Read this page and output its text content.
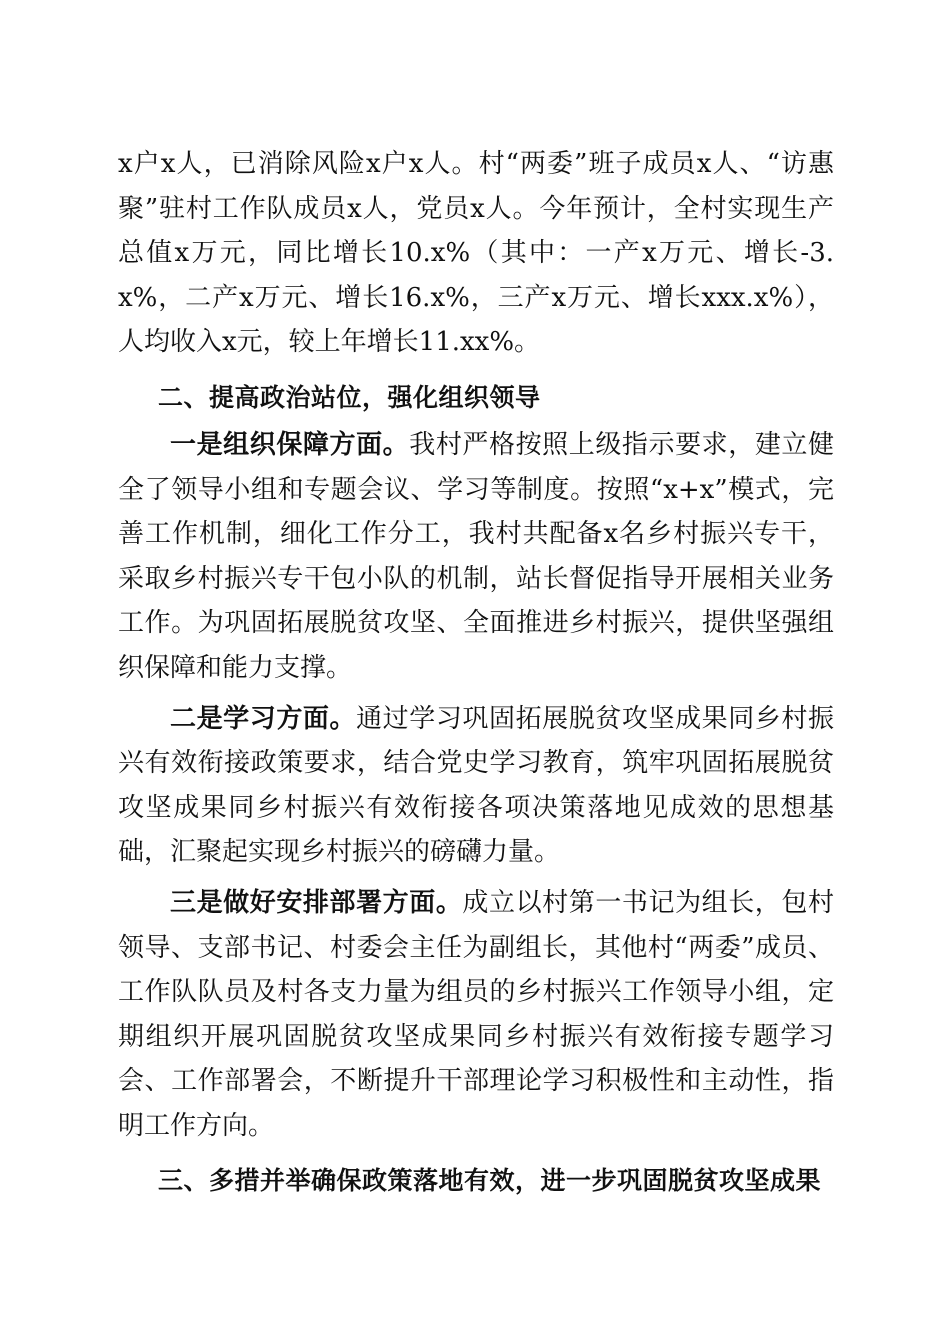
x户x人，已消除风险x户x人。村“两委”班子成员x人、“访惠聚”驻村工作队成员x人，党员x人。今年预计，全村实现生产总值x万元，同比增长10.x%（其中：一产x万元、增长-3.x%，二产x万元、增长16.x%，三产x万元、增长xxx.x%），人均收入x元，较上年增长11.xx%。

二、提高政治站位，强化组织领导

一是组织保障方面。我村严格按照上级指示要求，建立健全了领导小组和专题会议、学习等制度。按照“x+x”模式，完善工作机制，细化工作分工，我村共配备x名乡村振兴专干，采取乡村振兴专干包小队的机制，站长督促指导开展相关业务工作。为巩固拓展脱贫攻坚、全面推进乡村振兴，提供坚强组织保障和能力支撑。

二是学习方面。通过学习巩固拓展脱贫攻坚成果同乡村振兴有效衔接政策要求，结合党史学习教育，筑牢巩固拓展脱贫攻坚成果同乡村振兴有效衔接各项决策落地见成效的思想基础，汇聚起实现乡村振兴的磅礴力量。

三是做好安排部署方面。成立以村第一书记为组长，包村领导、支部书记、村委会主任为副组长，其他村“两委”成员、工作队队员及村各支力量为组员的乡村振兴工作领导小组，定期组织开展巩固脱贫攻坚成果同乡村振兴有效衔接专题学习会、工作部署会，不断提升干部理论学习积极性和主动性，指明工作方向。

三、多措并举确保政策落地有效，进一步巩固脱贫攻坚成果
